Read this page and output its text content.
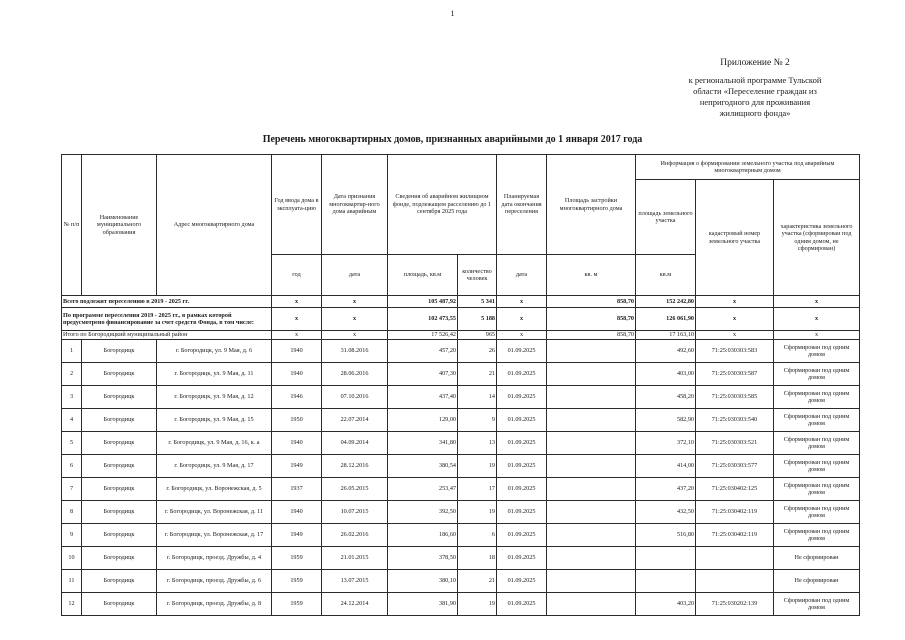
1
Приложение № 2
к региональной программе Тульской
области «Переселение граждан из
непригодного для проживания
жилищного фонда»
Перечень многоквартирных домов, признанных аварийными до 1 января 2017 года
№ п/п	Наименование муниципального образования	Адрес многоквартирного дома	Год ввода дома в эксплуата-цию	Дата признания многоквартир-ного дома аварийным	Сведения об аварийном жилищном фонде, подлежащем расселению до 1 сентября 2025 года		Планируемая дата окончания переселения	Площадь застройки многоквартирного дома	Информация о формировании земельного участка под аварийным многоквартирным домом		
									площадь земельного участка	кадастровый номер земельного участка	характеристика земельного участка (сформирован под одним домом, не сформирован)
			год	дата	площадь, кв.м	количество человек	дата	кв. м	кв.м		
Всего подлежит переселению в 2019 - 2025 гг.			х	х	105 487,92	5 341	х	858,70	152 242,80	х	х
По программе переселения 2019 - 2025 гг., в рамках которой предусмотрено финансирование за счет средств Фонда, в том числе:			х	х	102 473,55	5 188	х	858,70	126 061,90	х	х
Итого по Богородицкий муниципальный район			х	х	17 526,42	965	х	858,70	17 163,10	х	х
1	Богородицк	г. Богородицк, ул. 9 Мая, д. 6	1940	31.08.2016	457,20	26	01.09.2025		492,60	71:25:030303:583	Сформирован под одним домом
2	Богородицк	г. Богородицк, ул. 9 Мая, д. 11	1940	28.06.2016	407,30	21	01.09.2025		403,00	71:25:030303:587	Сформирован под одним домом
3	Богородицк	г. Богородицк, ул. 9 Мая, д. 12	1946	07.10.2016	437,40	14	01.09.2025		458,20	71:25:030303:585	Сформирован под одним домом
4	Богородицк	г. Богородицк, ул. 9 Мая, д. 15	1950	22.07.2014	129,00	9	01.09.2025		582,90	71:25:030303:540	Сформирован под одним домом
5	Богородицк	г. Богородицк, ул. 9 Мая, д. 16, к. а	1940	04.09.2014	341,80	13	01.09.2025		372,10	71:25:030303:521	Сформирован под одним домом
6	Богородицк	г. Богородицк, ул. 9 Мая, д. 17	1949	28.12.2016	380,54	19	01.09.2025		414,00	71:25:030303:577	Сформирован под одним домом
7	Богородицк	г. Богородицк, ул. Воронежская, д. 5	1937	26.05.2015	253,47	17	01.09.2025		437,20	71:25:030402:125	Сформирован под одним домом
8	Богородицк	г. Богородицк, ул. Воронежская, д. 11	1940	10.07.2015	392,50	19	01.09.2025		432,50	71:25:030402:119	Сформирован под одним домом
9	Богородицк	г. Богородицк, ул. Воронежская, д. 17	1949	26.02.2016	186,60	6	01.09.2025		516,80	71:25:030402:119	Сформирован под одним домом
10	Богородицк	г. Богородицк, проезд. Дружбы, д. 4	1959	21.01.2015	378,50	18	01.09.2025				Не сформирован
11	Богородицк	г. Богородицк, проезд. Дружбы, д. 6	1959	13.07.2015	380,10	21	01.09.2025				Не сформирован
12	Богородицк	г. Богородицк, проезд. Дружбы, д. 8	1959	24.12.2014	381,90	19	01.09.2025		403,20	71:25:030202:139	Сформирован под одним домом
